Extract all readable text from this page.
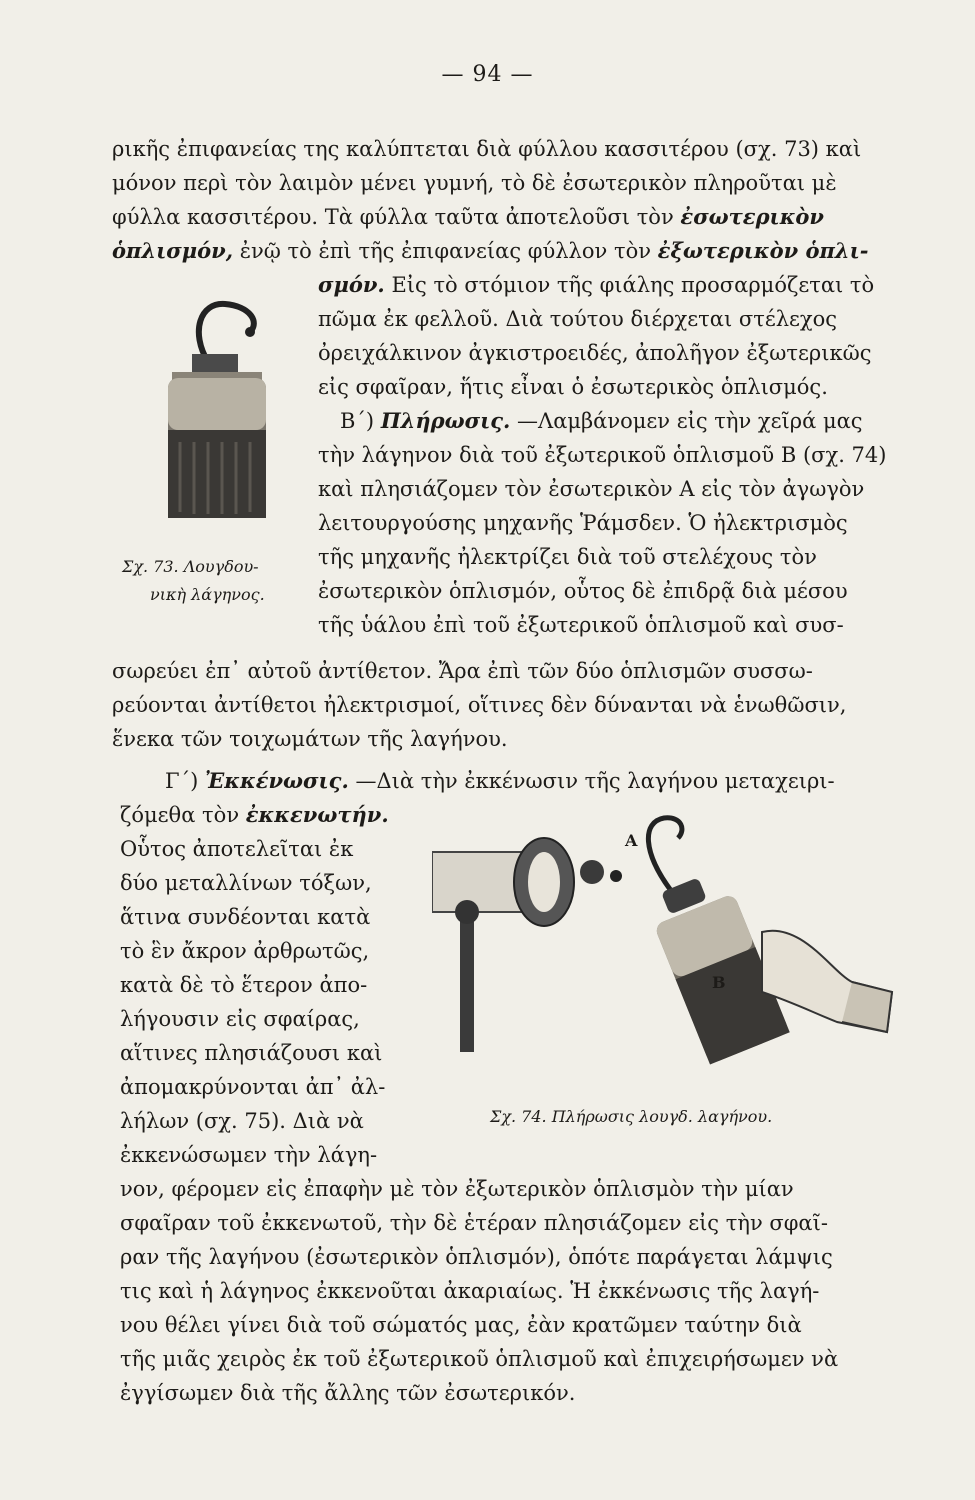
— 94 —
ρικῆς ἐπιφανείας της καλύπτεται διὰ φύλλου κασσιτέρου (σχ. 73) καὶ
μόνον περὶ τὸν λαιμὸν μένει γυμνή, τὸ δὲ ἐσωτερικὸν πληροῦται μὲ
φύλλα κασσιτέρου. Τὰ φύλλα ταῦτα ἀποτελοῦσι τὸν ἐσωτερικὸν
ὁπλισμόν, ἐνῷ τὸ ἐπὶ τῆς ἐπιφανείας φύλλον τὸν ἐξωτερικὸν ὁπλι-
σμόν. Εἰς τὸ στόμιον τῆς φιάλης προσαρμόζεται τὸ
πῶμα ἐκ φελλοῦ. Διὰ τούτου διέρχεται στέλεχος
ὀρειχάλκινον ἀγκιστροειδές, ἀπολῆγον ἐξωτερικῶς
εἰς σφαῖραν, ἥτις εἶναι ὁ ἐσωτερικὸς ὁπλισμός.
Β΄) Πλήρωσις. —Λαμβάνομεν εἰς τὴν χεῖρά μας
τὴν λάγηνον διὰ τοῦ ἐξωτερικοῦ ὁπλισμοῦ Β (σχ. 74)
καὶ πλησιάζομεν τὸν ἐσωτερικὸν Α εἰς τὸν ἀγωγὸν
λειτουργούσης μηχανῆς Ῥάμσδεν. Ὁ ἠλεκτρισμὸς
τῆς μηχανῆς ἠλεκτρίζει διὰ τοῦ στελέχους τὸν
ἐσωτερικὸν ὁπλισμόν, οὗτος δὲ ἐπιδρᾷ διὰ μέσου
τῆς ὑάλου ἐπὶ τοῦ ἐξωτερικοῦ ὁπλισμοῦ καὶ συσ-
Σχ. 73. Λουγδου-
νικὴ λάγηνος.
σωρεύει ἐπ᾽ αὐτοῦ ἀντίθετον. Ἄρα ἐπὶ τῶν δύο ὁπλισμῶν συσσω-
ρεύονται ἀντίθετοι ἠλεκτρισμοί, οἵτινες δὲν δύνανται νὰ ἑνωθῶσιν,
ἕνεκα τῶν τοιχωμάτων τῆς λαγήνου.
Γ΄) Ἐκκένωσις. —Διὰ τὴν ἐκκένωσιν τῆς λαγήνου μεταχειρι-
ζόμεθα τὸν ἐκκενωτήν.
Οὗτος ἀποτελεῖται ἐκ
δύο μεταλλίνων τόξων,
ἅτινα συνδέονται κατὰ
τὸ ἓν ἄκρον ἀρθρωτῶς,
κατὰ δὲ τὸ ἕτερον ἀπο-
λήγουσιν εἰς σφαίρας,
αἵτινες πλησιάζουσι καὶ
ἀπομακρύνονται ἀπ᾽ ἀλ-
λήλων (σχ. 75). Διὰ νὰ
ἐκκενώσωμεν τὴν λάγη-
Α
Β
Σχ. 74. Πλήρωσις λουγδ. λαγήνου.
νον, φέρομεν εἰς ἐπαφὴν μὲ τὸν ἐξωτερικὸν ὁπλισμὸν τὴν μίαν
σφαῖραν τοῦ ἐκκενωτοῦ, τὴν δὲ ἑτέραν πλησιάζομεν εἰς τὴν σφαῖ-
ραν τῆς λαγήνου (ἐσωτερικὸν ὁπλισμόν), ὁπότε παράγεται λάμψις
τις καὶ ἡ λάγηνος ἐκκενοῦται ἀκαριαίως. Ἡ ἐκκένωσις τῆς λαγή-
νου θέλει γίνει διὰ τοῦ σώματός μας, ἐὰν κρατῶμεν ταύτην διὰ
τῆς μιᾶς χειρὸς ἐκ τοῦ ἐξωτερικοῦ ὁπλισμοῦ καὶ ἐπιχειρήσωμεν νὰ
ἐγγίσωμεν διὰ τῆς ἄλλης τῶν ἐσωτερικόν.
